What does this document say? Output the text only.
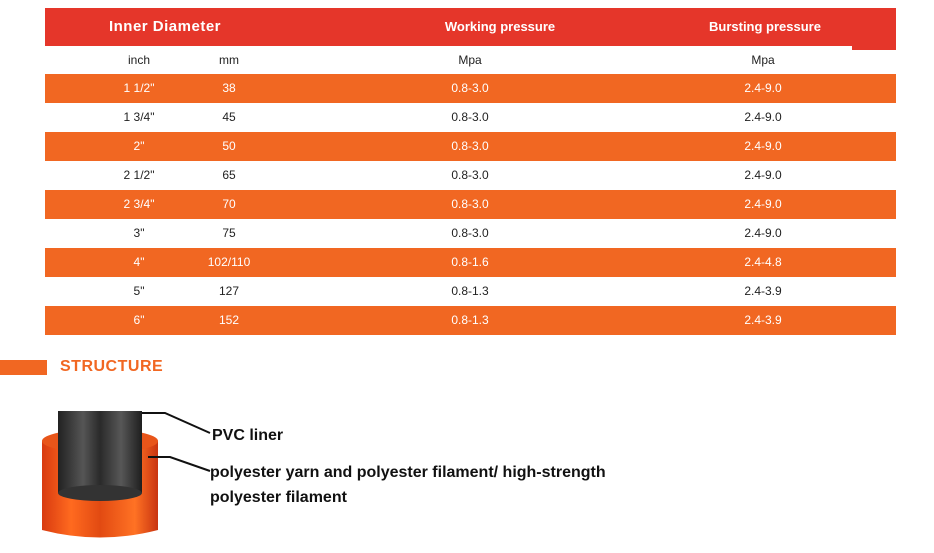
Inner Diameter	Working pressure	Bursting pressure
inch	mm	Mpa	Mpa
1 1/2"	38	0.8-3.0	2.4-9.0
1 3/4"	45	0.8-3.0	2.4-9.0
2"	50	0.8-3.0	2.4-9.0
2 1/2"	65	0.8-3.0	2.4-9.0
2 3/4"	70	0.8-3.0	2.4-9.0
3"	75	0.8-3.0	2.4-9.0
4"	102/110	0.8-1.6	2.4-4.8
5"	127	0.8-1.3	2.4-3.9
6"	152	0.8-1.3	2.4-3.9
STRUCTURE
PVC liner
polyester yarn and polyester filament/ high-strength
polyester filament
